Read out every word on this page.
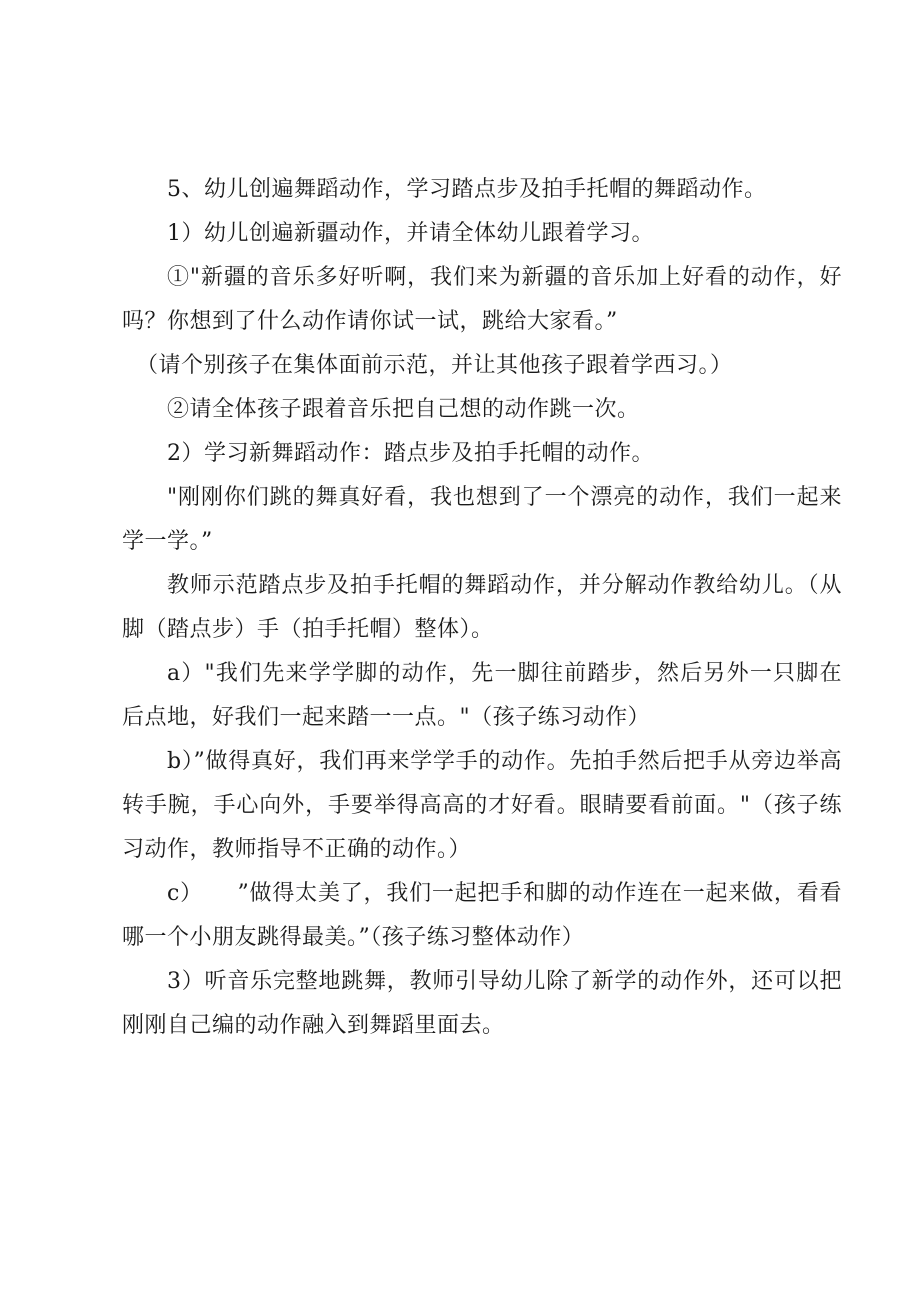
5、幼儿创遍舞蹈动作，学习踏点步及拍手托帽的舞蹈动作。

1）幼儿创遍新疆动作，并请全体幼儿跟着学习。

①"新疆的音乐多好听啊，我们来为新疆的音乐加上好看的动作，好吗？你想到了什么动作请你试一试，跳给大家看。”

（请个别孩子在集体面前示范，并让其他孩子跟着学西习。）

②请全体孩子跟着音乐把自己想的动作跳一次。

2）学习新舞蹈动作：踏点步及拍手托帽的动作。

"刚刚你们跳的舞真好看，我也想到了一个漂亮的动作，我们一起来学一学。”

教师示范踏点步及拍手托帽的舞蹈动作，并分解动作教给幼儿。（从脚（踏点步）手（拍手托帽）整体）。

a）"我们先来学学脚的动作，先一脚往前踏步，然后另外一只脚在后点地，好我们一起来踏一一点。"（孩子练习动作）

b）”做得真好，我们再来学学手的动作。先拍手然后把手从旁边举高转手腕，手心向外，手要举得高高的才好看。眼睛要看前面。"（孩子练习动作，教师指导不正确的动作。）

c）　　”做得太美了，我们一起把手和脚的动作连在一起来做，看看哪一个小朋友跳得最美。”（孩子练习整体动作）

3）听音乐完整地跳舞，教师引导幼儿除了新学的动作外，还可以把刚刚自己编的动作融入到舞蹈里面去。
